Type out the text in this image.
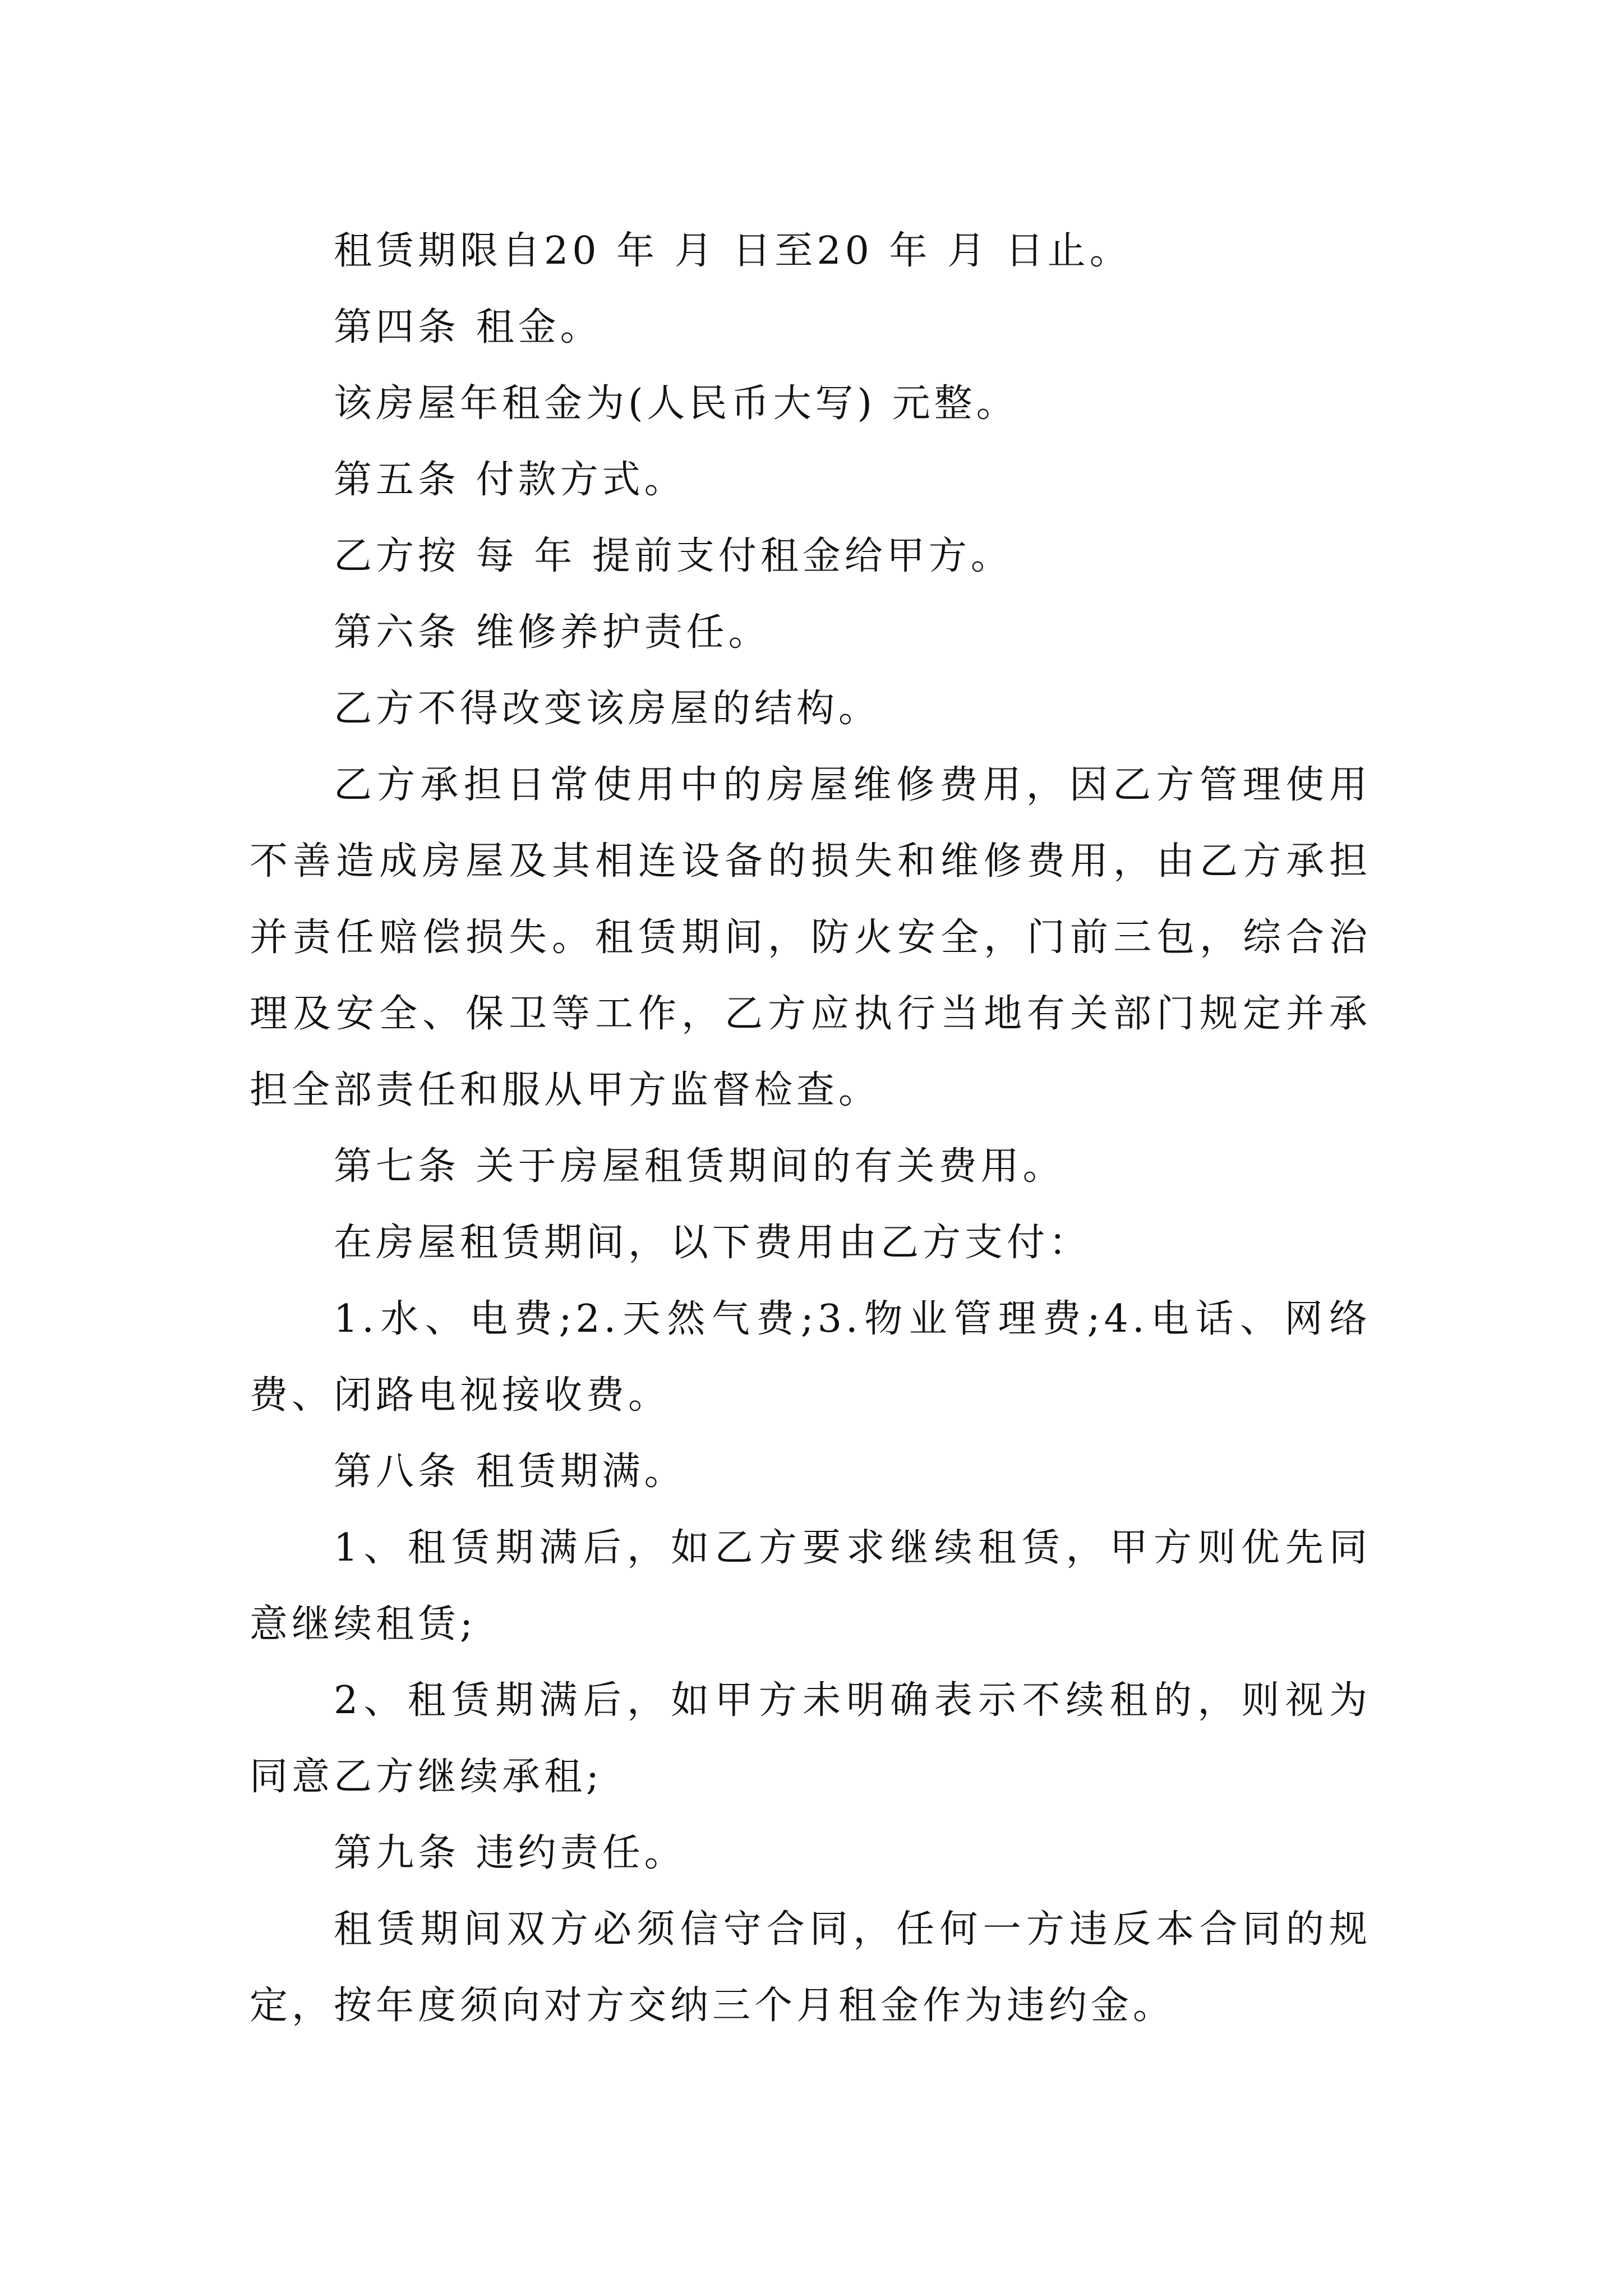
租赁期限自20 年 月 日至20 年 月 日止。

第四条 租金。

该房屋年租金为(人民币大写) 元整。

第五条 付款方式。

乙方按 每 年 提前支付租金给甲方。

第六条 维修养护责任。

乙方不得改变该房屋的结构。

乙方承担日常使用中的房屋维修费用，因乙方管理使用不善造成房屋及其相连设备的损失和维修费用，由乙方承担并责任赔偿损失。租赁期间，防火安全，门前三包，综合治理及安全、保卫等工作，乙方应执行当地有关部门规定并承担全部责任和服从甲方监督检查。

第七条 关于房屋租赁期间的有关费用。

在房屋租赁期间，以下费用由乙方支付：

1.水、电费;2.天然气费;3.物业管理费;4.电话、网络费、闭路电视接收费。

第八条 租赁期满。

1、租赁期满后，如乙方要求继续租赁，甲方则优先同意继续租赁;

2、租赁期满后，如甲方未明确表示不续租的，则视为同意乙方继续承租;

第九条 违约责任。

租赁期间双方必须信守合同，任何一方违反本合同的规定，按年度须向对方交纳三个月租金作为违约金。
